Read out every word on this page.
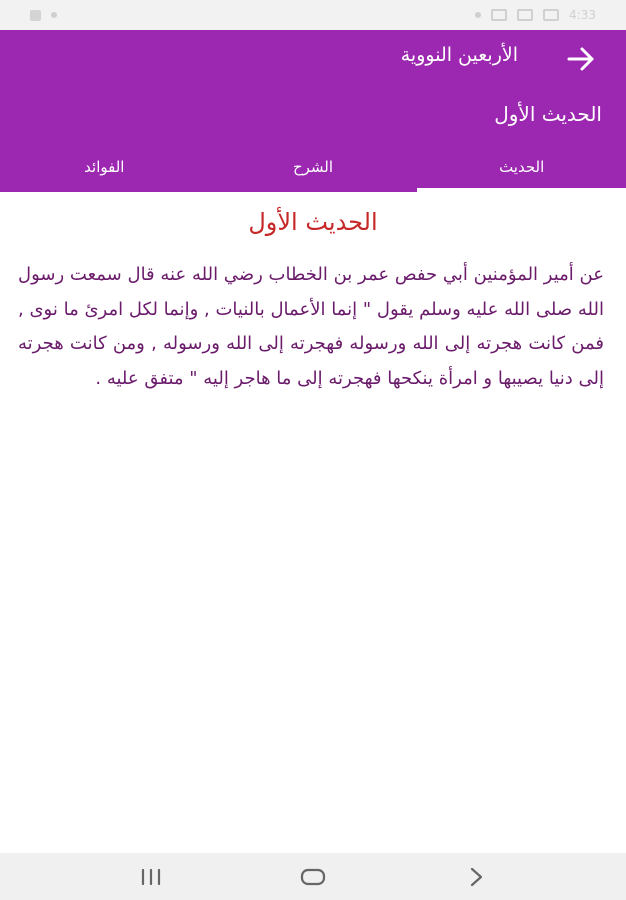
4:33
الأربعين النووية
الحديث الأول
الحديث
الشرح
الفوائد
الحديث الأول

عن أمير المؤمنين أبي حفص عمر بن الخطاب رضي الله عنه قال سمعت رسول الله صلى الله عليه وسلم يقول " إنما الأعمال بالنيات , وإنما لكل امرئ ما نوى , فمن كانت هجرته إلى الله ورسوله فهجرته إلى الله ورسوله , ومن كانت هجرته إلى دنيا يصيبها و امرأة ينكحها فهجرته إلى ما هاجر إليه " متفق عليه .
